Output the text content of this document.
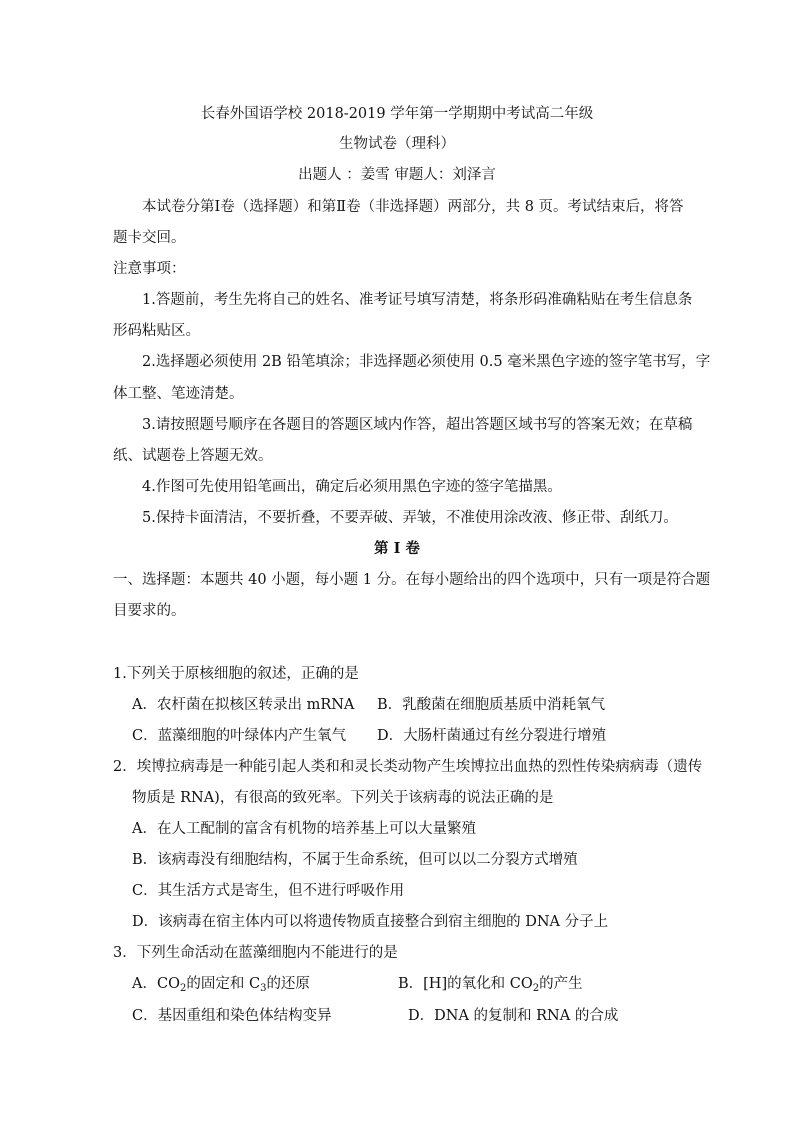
长春外国语学校 2018-2019 学年第一学期期中考试高二年级
生物试卷（理科）
出题人 ：姜雪 审题人：刘泽言
本试卷分第Ⅰ卷（选择题）和第Ⅱ卷（非选择题）两部分，共 8 页。考试结束后，将答
题卡交回。
注意事项：
1.答题前，考生先将自己的姓名、准考证号填写清楚，将条形码准确粘贴在考生信息条
形码粘贴区。
2.选择题必须使用 2B 铅笔填涂；非选择题必须使用 0.5 毫米黑色字迹的签字笔书写，字
体工整、笔迹清楚。
3.请按照题号顺序在各题目的答题区域内作答，超出答题区域书写的答案无效；在草稿
纸、试题卷上答题无效。
4.作图可先使用铅笔画出，确定后必须用黑色字迹的签字笔描黑。
5.保持卡面清洁，不要折叠，不要弄破、弄皱，不准使用涂改液、修正带、刮纸刀。
第 I 卷
一、选择题：本题共 40 小题，每小题 1 分。在每小题给出的四个选项中，只有一项是符合题
目要求的。
1.下列关于原核细胞的叙述，正确的是
A．农杆菌在拟核区转录出 mRNA B．乳酸菌在细胞质基质中消耗氧气
C．蓝藻细胞的叶绿体内产生氧气 D．大肠杆菌通过有丝分裂进行增殖
2．埃博拉病毒是一种能引起人类和和灵长类动物产生埃博拉出血热的烈性传染病病毒（遗传
物质是 RNA)，有很高的致死率。下列关于该病毒的说法正确的是
A．在人工配制的富含有机物的培养基上可以大量繁殖
B．该病毒没有细胞结构，不属于生命系统，但可以以二分裂方式增殖
C．其生活方式是寄生，但不进行呼吸作用
D．该病毒在宿主体内可以将遗传物质直接整合到宿主细胞的 DNA 分子上
3．下列生命活动在蓝藻细胞内不能进行的是
A．$CO_2$的固定和 $C_3$的还原	B．[H]的氧化和 $CO_2$的产生
C．基因重组和染色体结构变异	D．DNA 的复制和 RNA 的合成
